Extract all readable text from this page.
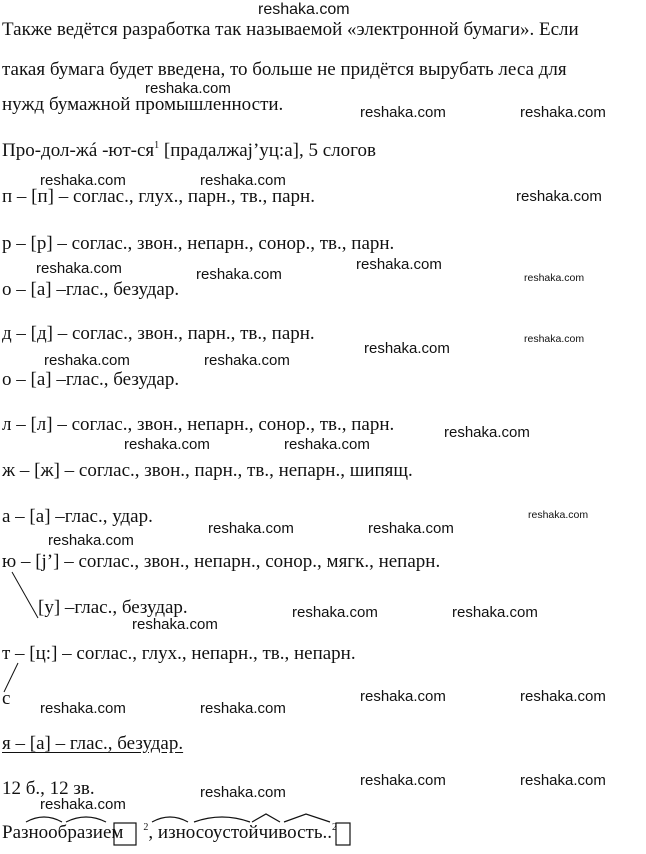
reshaka.com
Также ведётся разработка так называемой «электронной бумаги». Если
такая бумага будет введена, то больше не придётся вырубать леса для
нужд бумажной промышленности.
Про-дол-жá $-ют-ся^1$ [прадалжај’уц:а], 5 слогов
п – [п] – соглас., глух., парн., тв., парн.
р – [р] – соглас., звон., непарн., сонор., тв., парн.
о – [а] –глас., безудар.
д – [д] – соглас., звон., парн., тв., парн.
о – [а] –глас., безудар.
л – [л] – соглас., звон., непарн., сонор., тв., парн.
ж – [ж] – соглас., звон., парн., тв., непарн., шипящ.
а – [а] –глас., удар.
ю – [j’] – соглас., звон., непарн., сонор., мягк., непарн.
[у] –глас., безудар.
т – [ц:] – соглас., глух., непарн., тв., непарн.
с
я – [а] – глас., безудар.
12 б., 12 зв.
Разнообразием $^2$, износоустойчивость..$^2$
reshaka.com
reshaka.com	reshaka.com
reshaka.com	reshaka.com
reshaka.com
reshaka.com	reshaka.com
reshaka.com
reshaka.com
reshaka.com
reshaka.com	reshaka.com
reshaka.com
reshaka.com
reshaka.com	reshaka.com
reshaka.com
reshaka.com	reshaka.com
reshaka.com
reshaka.com	reshaka.com
reshaka.com
reshaka.com	reshaka.com
reshaka.com	reshaka.com
reshaka.com	reshaka.com
reshaka.com
reshaka.com
